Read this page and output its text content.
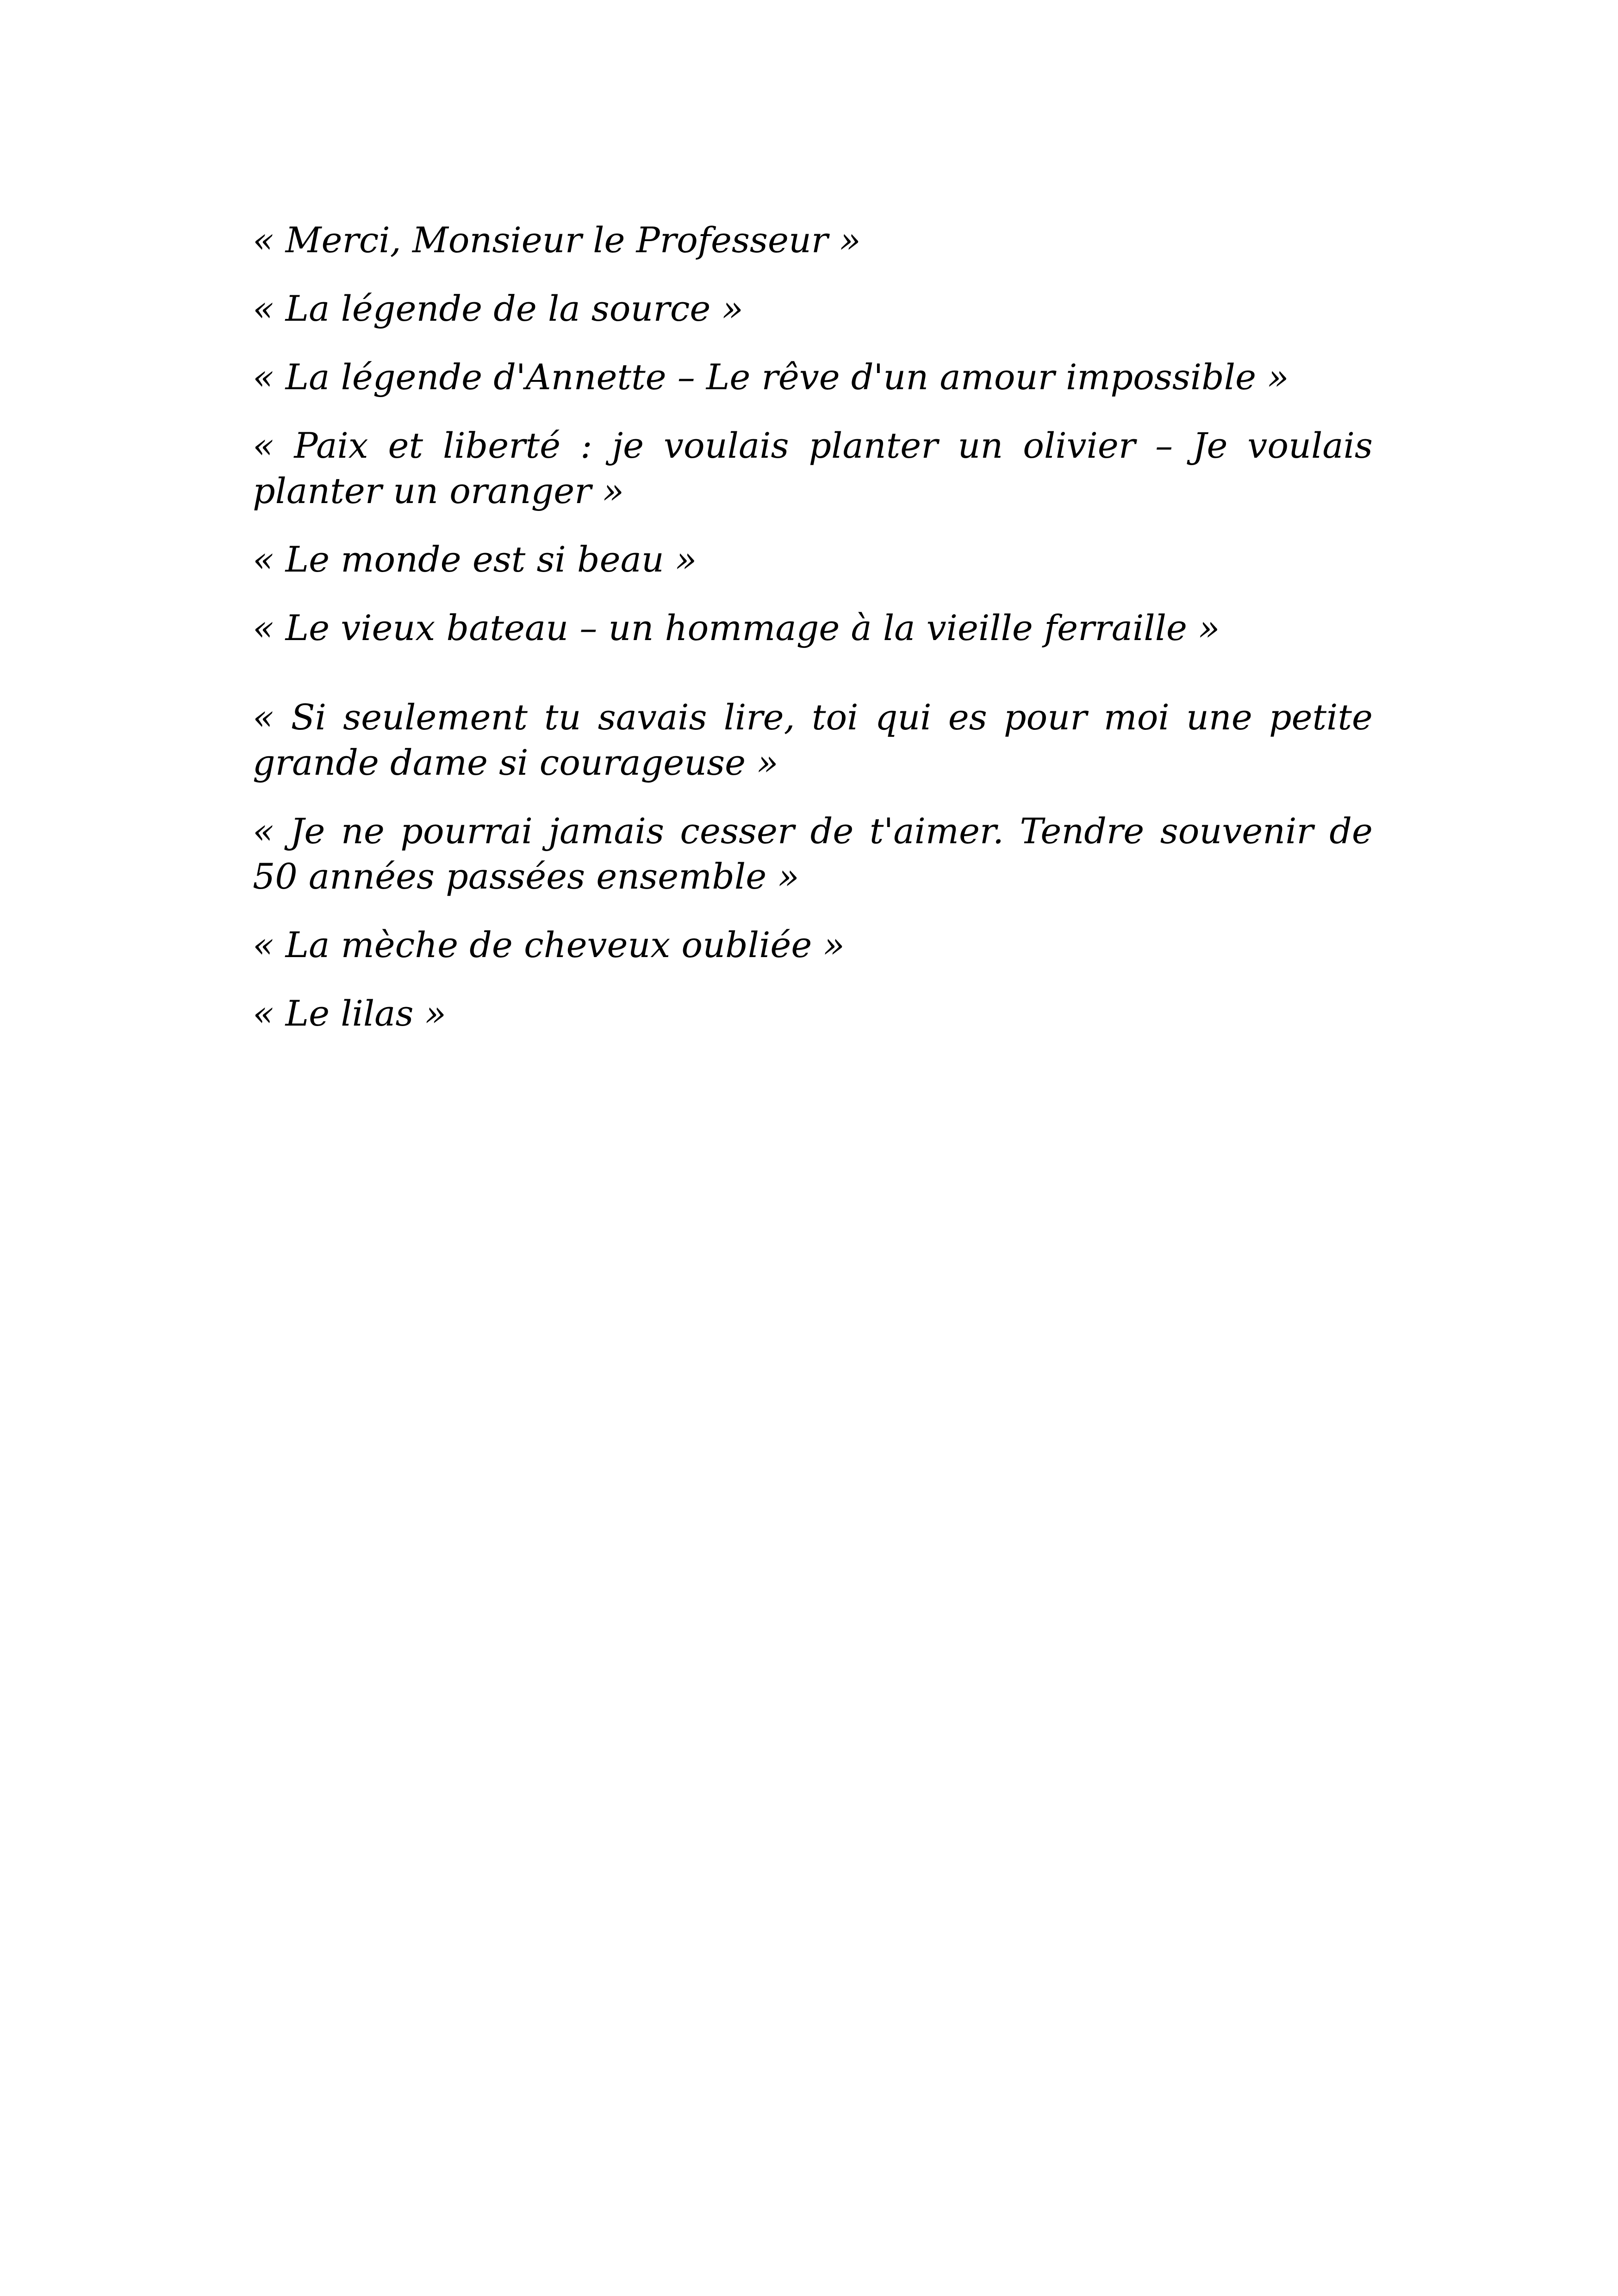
« Merci, Monsieur le Professeur »
« La légende de la source »
« La légende d'Annette – Le rêve d'un amour impossible »
« Paix et liberté : je voulais planter un olivier – Je voulais planter un oranger »
« Le monde est si beau »
« Le vieux bateau – un hommage à la vieille ferraille »
« Si seulement tu savais lire, toi qui es pour moi une petite grande dame si courageuse »
« Je ne pourrai jamais cesser de t'aimer. Tendre souvenir de 50 années passées ensemble »
« La mèche de cheveux oubliée »
« Le lilas »
